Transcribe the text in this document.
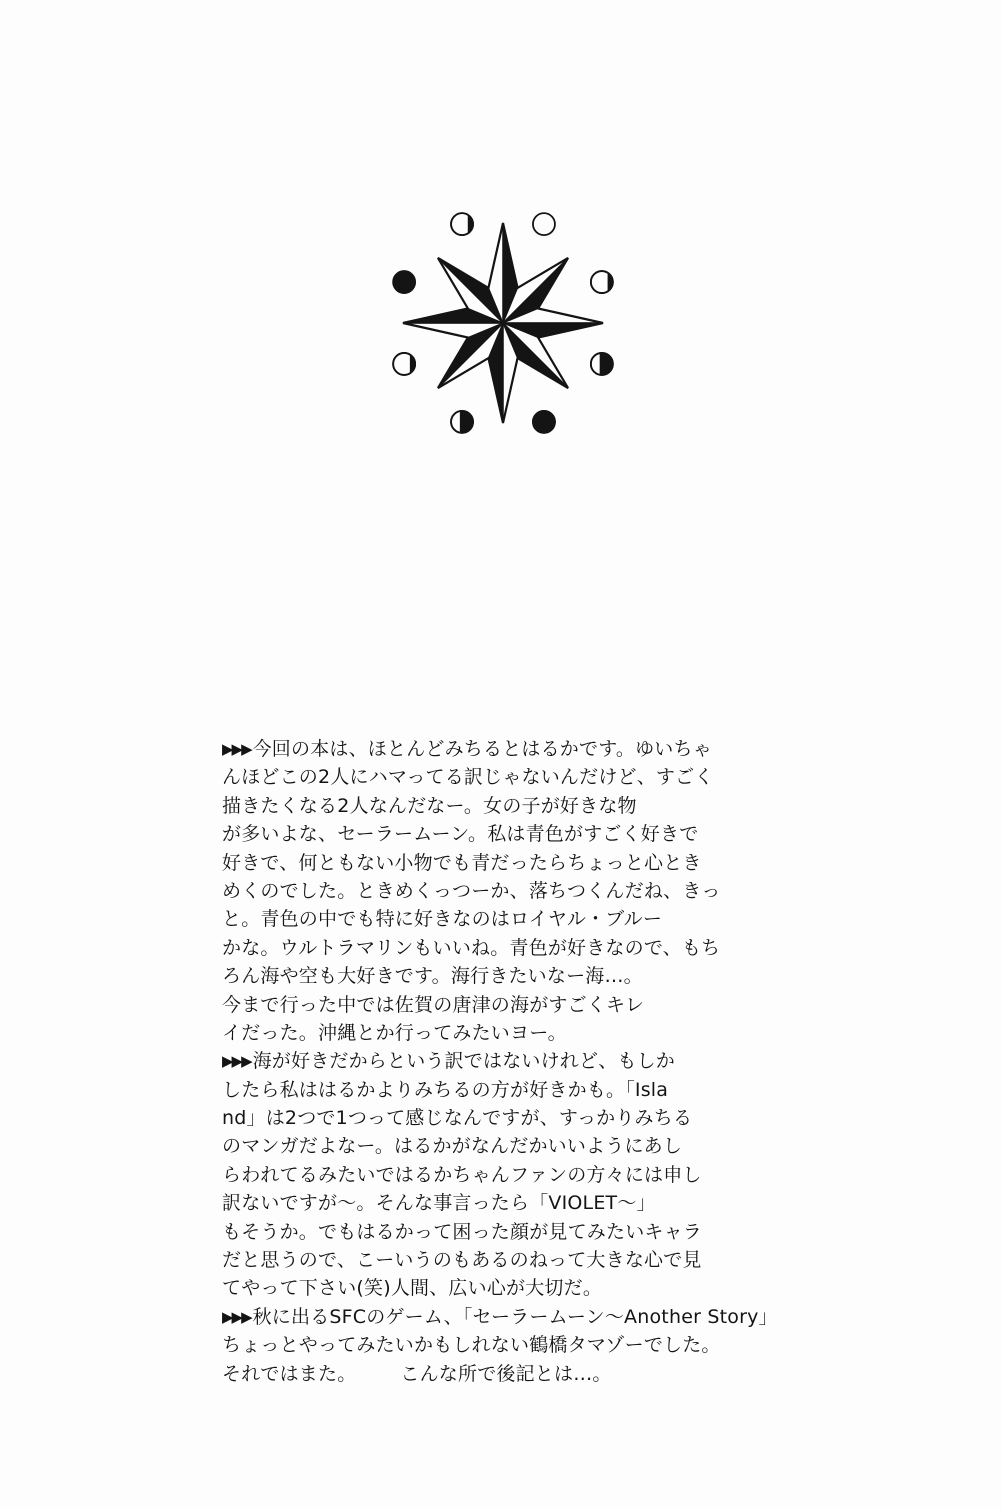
▶▶▶ 今回の本は、ほとんどみちるとはるかです。ゆいちゃ
んほどこの2人にハマってる訳じゃないんだけど、すごく
描きたくなる2人なんだなー。女の子が好きな物
が多いよな、セーラームーン。私は青色がすごく好きで
好きで、何ともない小物でも青だったらちょっと心とき
めくのでした。ときめくっつーか、落ちつくんだね、きっ
と。青色の中でも特に好きなのはロイヤル・ブルー
かな。ウルトラマリンもいいね。青色が好きなので、もち
ろん海や空も大好きです。海行きたいなー海…。
今まで行った中では佐賀の唐津の海がすごくキレ
イだった。沖縄とか行ってみたいヨー。
▶▶▶ 海が好きだからという訳ではないけれど、もしか
したら私ははるかよりみちるの方が好きかも。「Isla
nd」は2つで1つって感じなんですが、すっかりみちる
のマンガだよなー。はるかがなんだかいいようにあし
らわれてるみたいではるかちゃんファンの方々には申し
訳ないですが～。そんな事言ったら「VIOLET～」
もそうか。でもはるかって困った顔が見てみたいキャラ
だと思うので、こーいうのもあるのねって大きな心で見
てやって下さい(笑)人間、広い心が大切だ。
▶▶▶ 秋に出るSFCのゲーム、「セーラームーン～Another Story」
ちょっとやってみたいかもしれない鶴橋タマゾーでした。
それではまた。 こんな所で後記とは…。
